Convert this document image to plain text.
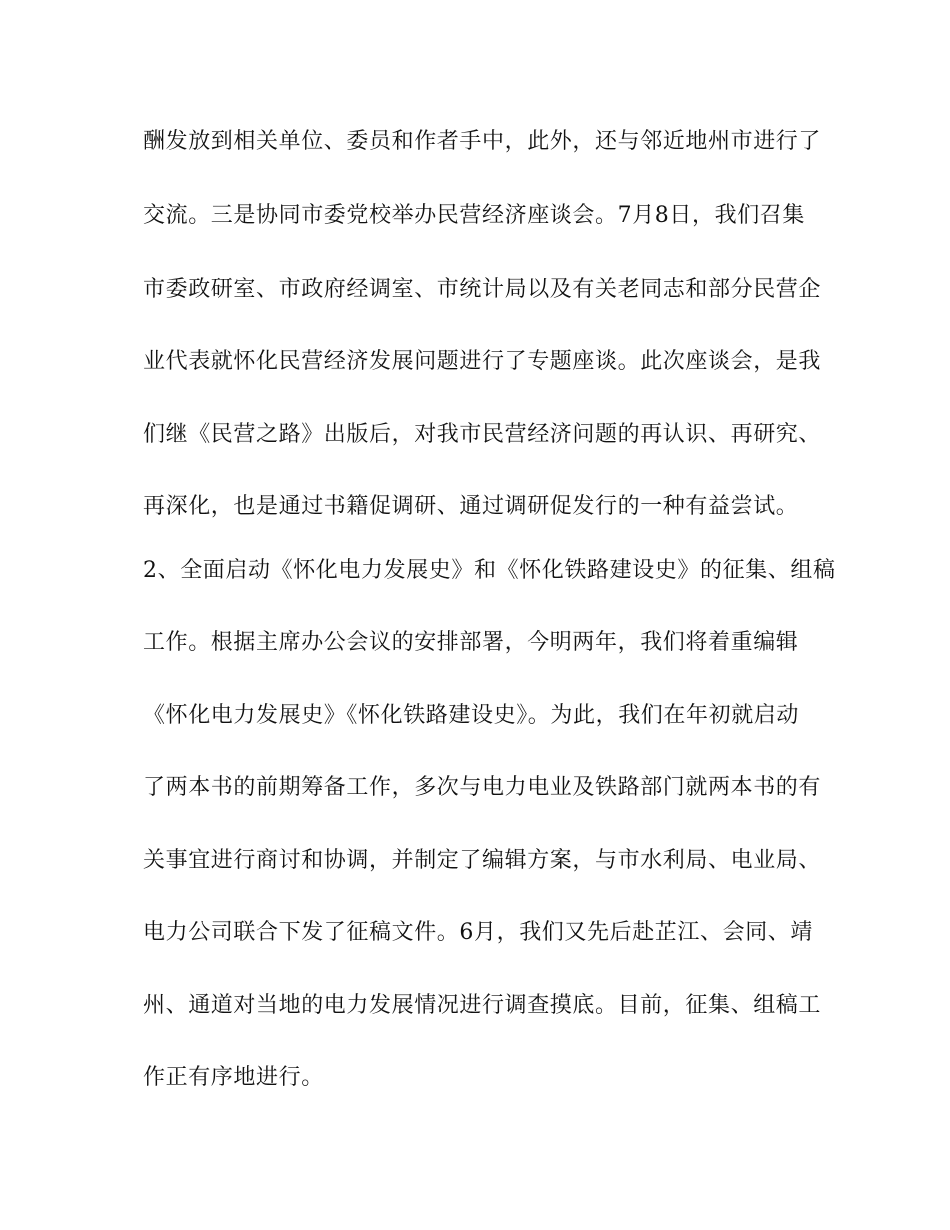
酬发放到相关单位、委员和作者手中，此外，还与邻近地州市进行了
交流。三是协同市委党校举办民营经济座谈会。7月8日，我们召集
市委政研室、市政府经调室、市统计局以及有关老同志和部分民营企
业代表就怀化民营经济发展问题进行了专题座谈。此次座谈会，是我
们继《民营之路》出版后，对我市民营经济问题的再认识、再研究、
再深化，也是通过书籍促调研、通过调研促发行的一种有益尝试。
2、全面启动《怀化电力发展史》和《怀化铁路建设史》的征集、组稿
工作。根据主席办公会议的安排部署，今明两年，我们将着重编辑
《怀化电力发展史》《怀化铁路建设史》。为此，我们在年初就启动
了两本书的前期筹备工作，多次与电力电业及铁路部门就两本书的有
关事宜进行商讨和协调，并制定了编辑方案，与市水利局、电业局、
电力公司联合下发了征稿文件。6月，我们又先后赴芷江、会同、靖
州、通道对当地的电力发展情况进行调查摸底。目前，征集、组稿工
作正有序地进行。
